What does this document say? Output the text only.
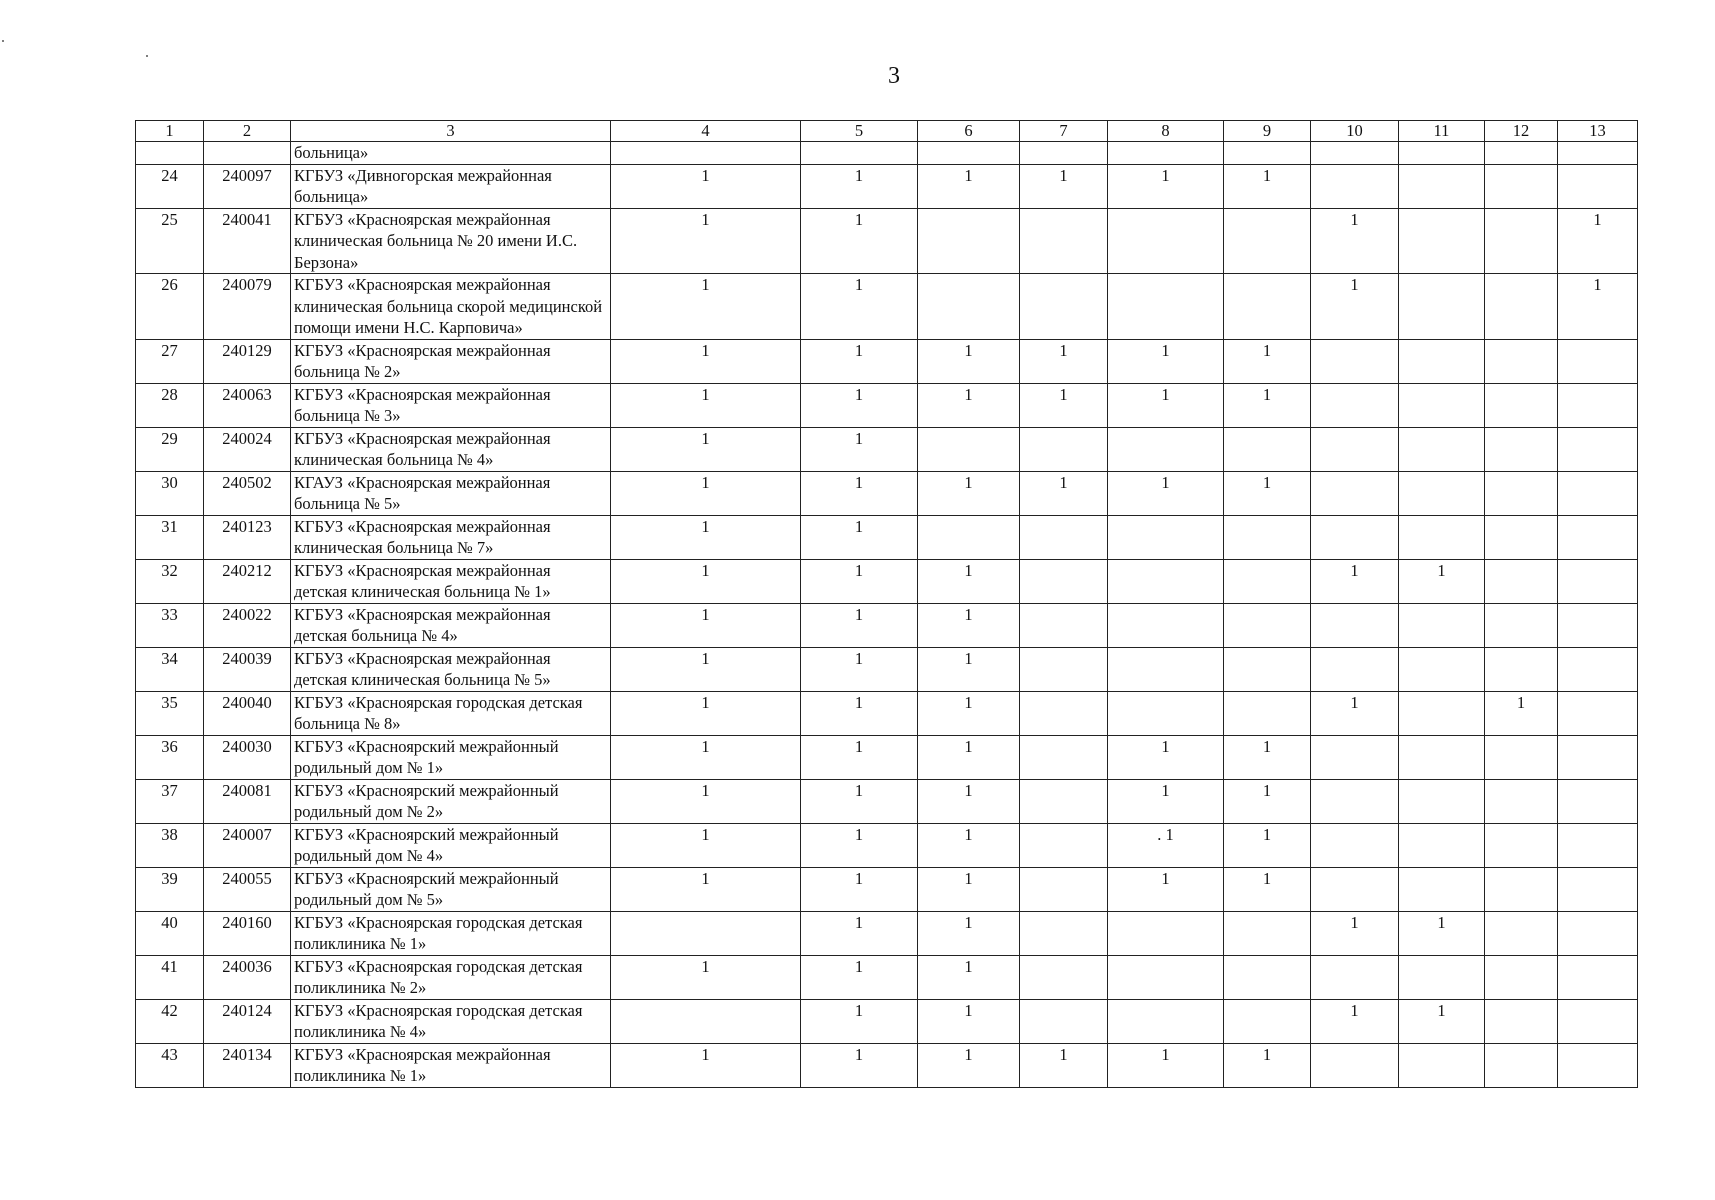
3
1	2	3	4	5	6	7	8	9	10	11	12	13
		больница»										
24	240097	КГБУЗ «Дивногорская межрайонная больница»	1	1	1	1	1	1				
25	240041	КГБУЗ «Красноярская межрайонная клиническая больница № 20 имени И.С. Берзона»	1	1					1			1
26	240079	КГБУЗ «Красноярская межрайонная клиническая больница скорой медицинской помощи имени Н.С. Карповича»	1	1					1			1
27	240129	КГБУЗ «Красноярская межрайонная больница № 2»	1	1	1	1	1	1				
28	240063	КГБУЗ «Красноярская межрайонная больница № 3»	1	1	1	1	1	1				
29	240024	КГБУЗ «Красноярская межрайонная клиническая больница № 4»	1	1								
30	240502	КГАУЗ «Красноярская межрайонная больница № 5»	1	1	1	1	1	1				
31	240123	КГБУЗ «Красноярская межрайонная клиническая больница № 7»	1	1								
32	240212	КГБУЗ «Красноярская межрайонная детская клиническая больница № 1»	1	1	1				1	1		
33	240022	КГБУЗ «Красноярская межрайонная детская больница № 4»	1	1	1							
34	240039	КГБУЗ «Красноярская межрайонная детская клиническая больница № 5»	1	1	1							
35	240040	КГБУЗ «Красноярская городская детская больница № 8»	1	1	1				1		1	
36	240030	КГБУЗ «Красноярский межрайонный родильный дом № 1»	1	1	1		1	1				
37	240081	КГБУЗ «Красноярский межрайонный родильный дом № 2»	1	1	1		1	1				
38	240007	КГБУЗ «Красноярский межрайонный родильный дом № 4»	1	1	1		. 1	1				
39	240055	КГБУЗ «Красноярский межрайонный родильный дом № 5»	1	1	1		1	1				
40	240160	КГБУЗ «Красноярская городская детская поликлиника № 1»		1	1				1	1		
41	240036	КГБУЗ «Красноярская городская детская поликлиника № 2»	1	1	1							
42	240124	КГБУЗ «Красноярская городская детская поликлиника № 4»		1	1				1	1		
43	240134	КГБУЗ «Красноярская межрайонная поликлиника № 1»	1	1	1	1	1	1				
